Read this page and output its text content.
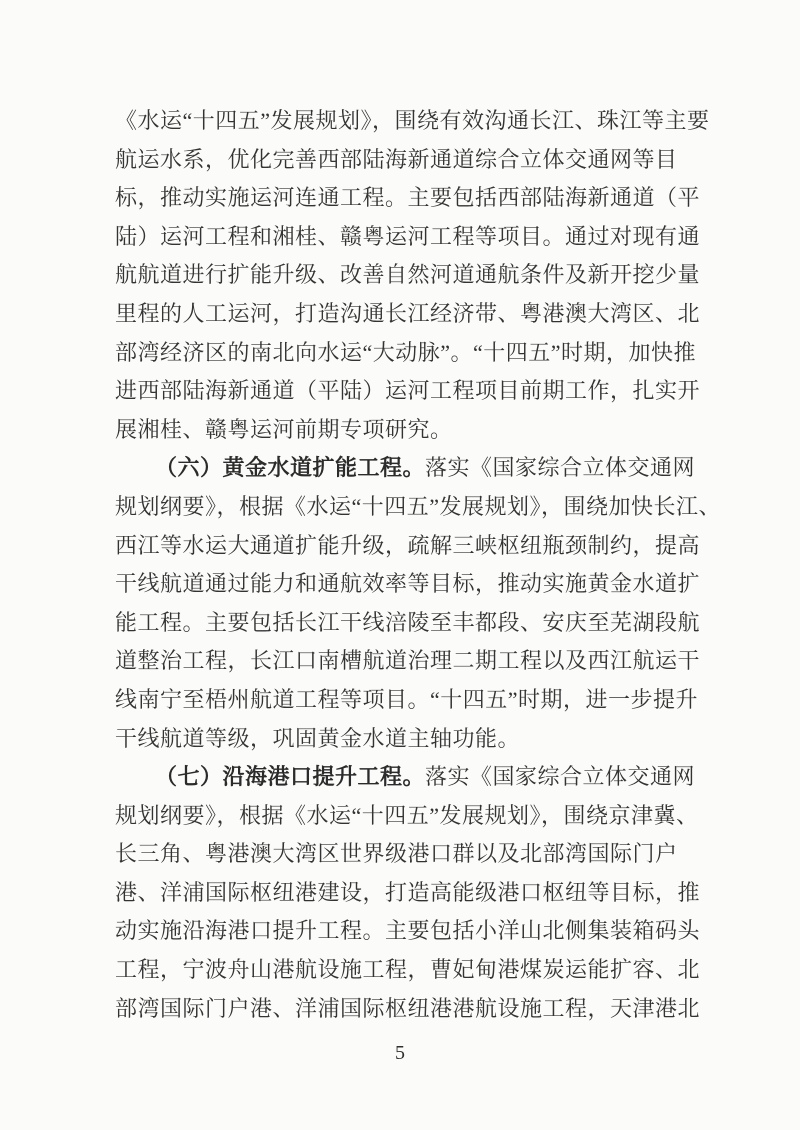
《水运“十四五”发展规划》，围绕有效沟通长江、珠江等主要
航运水系，优化完善西部陆海新通道综合立体交通网等目
标，推动实施运河连通工程。主要包括西部陆海新通道（平
陆）运河工程和湘桂、赣粤运河工程等项目。通过对现有通
航航道进行扩能升级、改善自然河道通航条件及新开挖少量
里程的人工运河，打造沟通长江经济带、粤港澳大湾区、北
部湾经济区的南北向水运“大动脉”。“十四五”时期，加快推
进西部陆海新通道（平陆）运河工程项目前期工作，扎实开
展湘桂、赣粤运河前期专项研究。
（六）黄金水道扩能工程。落实《国家综合立体交通网
规划纲要》，根据《水运“十四五”发展规划》，围绕加快长江、
西江等水运大通道扩能升级，疏解三峡枢纽瓶颈制约，提高
干线航道通过能力和通航效率等目标，推动实施黄金水道扩
能工程。主要包括长江干线涪陵至丰都段、安庆至芜湖段航
道整治工程，长江口南槽航道治理二期工程以及西江航运干
线南宁至梧州航道工程等项目。“十四五”时期，进一步提升
干线航道等级，巩固黄金水道主轴功能。
（七）沿海港口提升工程。落实《国家综合立体交通网
规划纲要》，根据《水运“十四五”发展规划》，围绕京津冀、
长三角、粤港澳大湾区世界级港口群以及北部湾国际门户
港、洋浦国际枢纽港建设，打造高能级港口枢纽等目标，推
动实施沿海港口提升工程。主要包括小洋山北侧集装箱码头
工程，宁波舟山港航设施工程，曹妃甸港煤炭运能扩容、北
部湾国际门户港、洋浦国际枢纽港港航设施工程，天津港北
5
